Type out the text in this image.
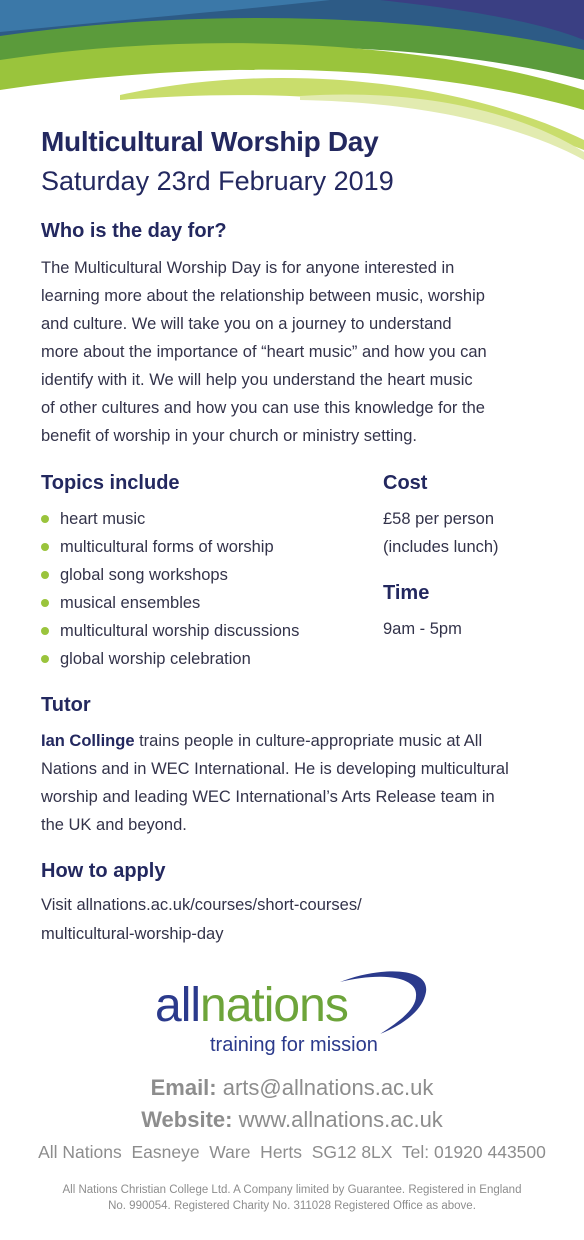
Multicultural Worship Day
Saturday 23rd February 2019
Who is the day for?
The Multicultural Worship Day is for anyone interested in
learning more about the relationship between music, worship
and culture. We will take you on a journey to understand
more about the importance of “heart music” and how you can
identify with it. We will help you understand the heart music
of other cultures and how you can use this knowledge for the
benefit of worship in your church or ministry setting.
Topics include
heart music
multicultural forms of worship
global song workshops
musical ensembles
multicultural worship discussions
global worship celebration
Cost
£58 per person
(includes lunch)
Time
9am - 5pm
Tutor
Ian Collinge trains people in culture-appropriate music at All
Nations and in WEC International. He is developing multicultural
worship and leading WEC International’s Arts Release team in
the UK and beyond.
How to apply
Visit allnations.ac.uk/courses/short-courses/
multicultural-worship-day
allnations
training for mission
Email: arts@allnations.ac.uk
Website: www.allnations.ac.uk
All Nations  Easneye  Ware  Herts  SG12 8LX  Tel: 01920 443500
All Nations Christian College Ltd. A Company limited by Guarantee. Registered in England
No. 990054. Registered Charity No. 311028 Registered Office as above.
